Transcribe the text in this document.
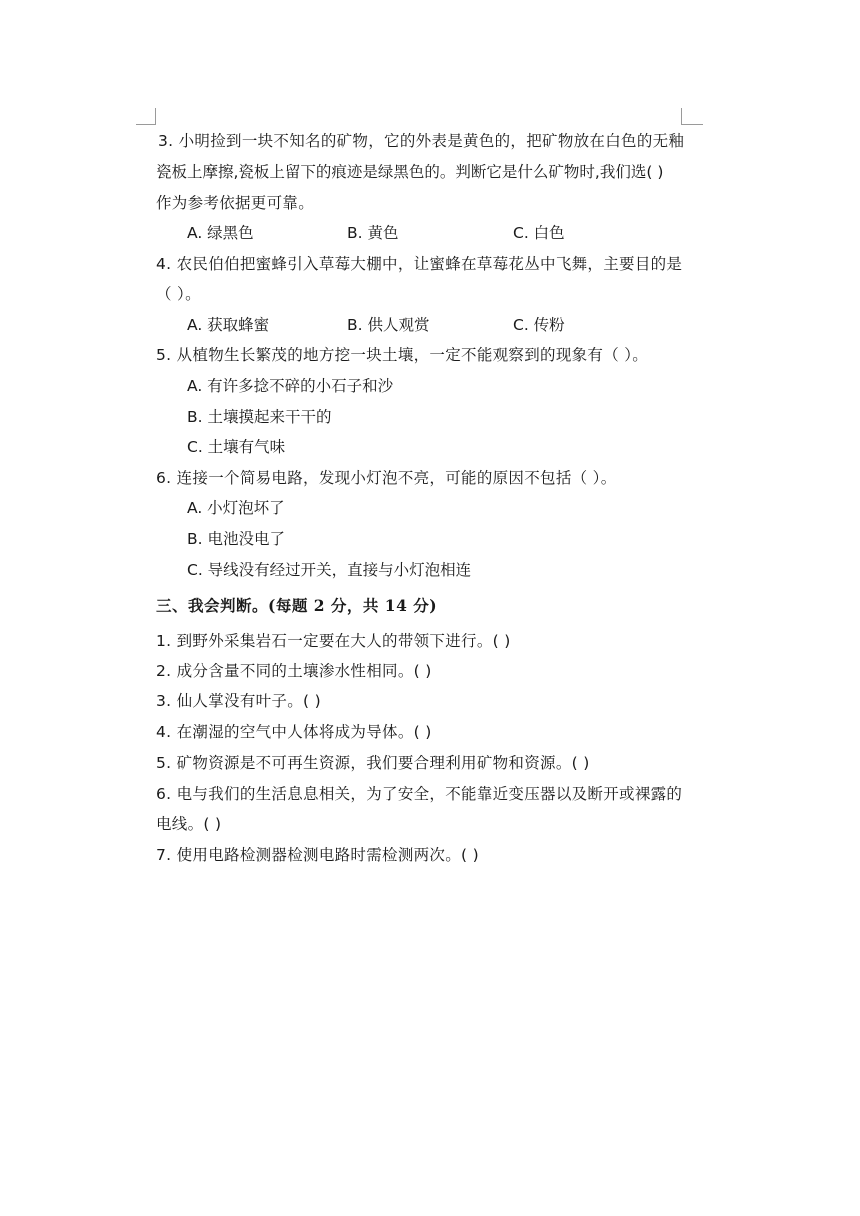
3. 小明捡到一块不知名的矿物，它的外表是黄色的，把矿物放在白色的无釉
瓷板上摩擦,瓷板上留下的痕迹是绿黑色的。判断它是什么矿物时,我们选( )
作为参考依据更可靠。
A. 绿黑色	B. 黄色	C. 白色
4. 农民伯伯把蜜蜂引入草莓大棚中，让蜜蜂在草莓花丛中飞舞，主要目的是
（ ）。
A. 获取蜂蜜	B. 供人观赏	C. 传粉
5. 从植物生长繁茂的地方挖一块土壤，一定不能观察到的现象有（ ）。
A. 有许多捻不碎的小石子和沙
B. 土壤摸起来干干的
C. 土壤有气味
6. 连接一个简易电路，发现小灯泡不亮，可能的原因不包括（ ）。
A. 小灯泡坏了
B. 电池没电了
C. 导线没有经过开关，直接与小灯泡相连
三、我会判断。(每题 2 分，共 14 分)
1. 到野外采集岩石一定要在大人的带领下进行。( )
2. 成分含量不同的土壤渗水性相同。( )
3. 仙人掌没有叶子。( )
4. 在潮湿的空气中人体将成为导体。( )
5. 矿物资源是不可再生资源，我们要合理利用矿物和资源。( )
6. 电与我们的生活息息相关，为了安全，不能靠近变压器以及断开或裸露的
电线。( )
7. 使用电路检测器检测电路时需检测两次。( )
